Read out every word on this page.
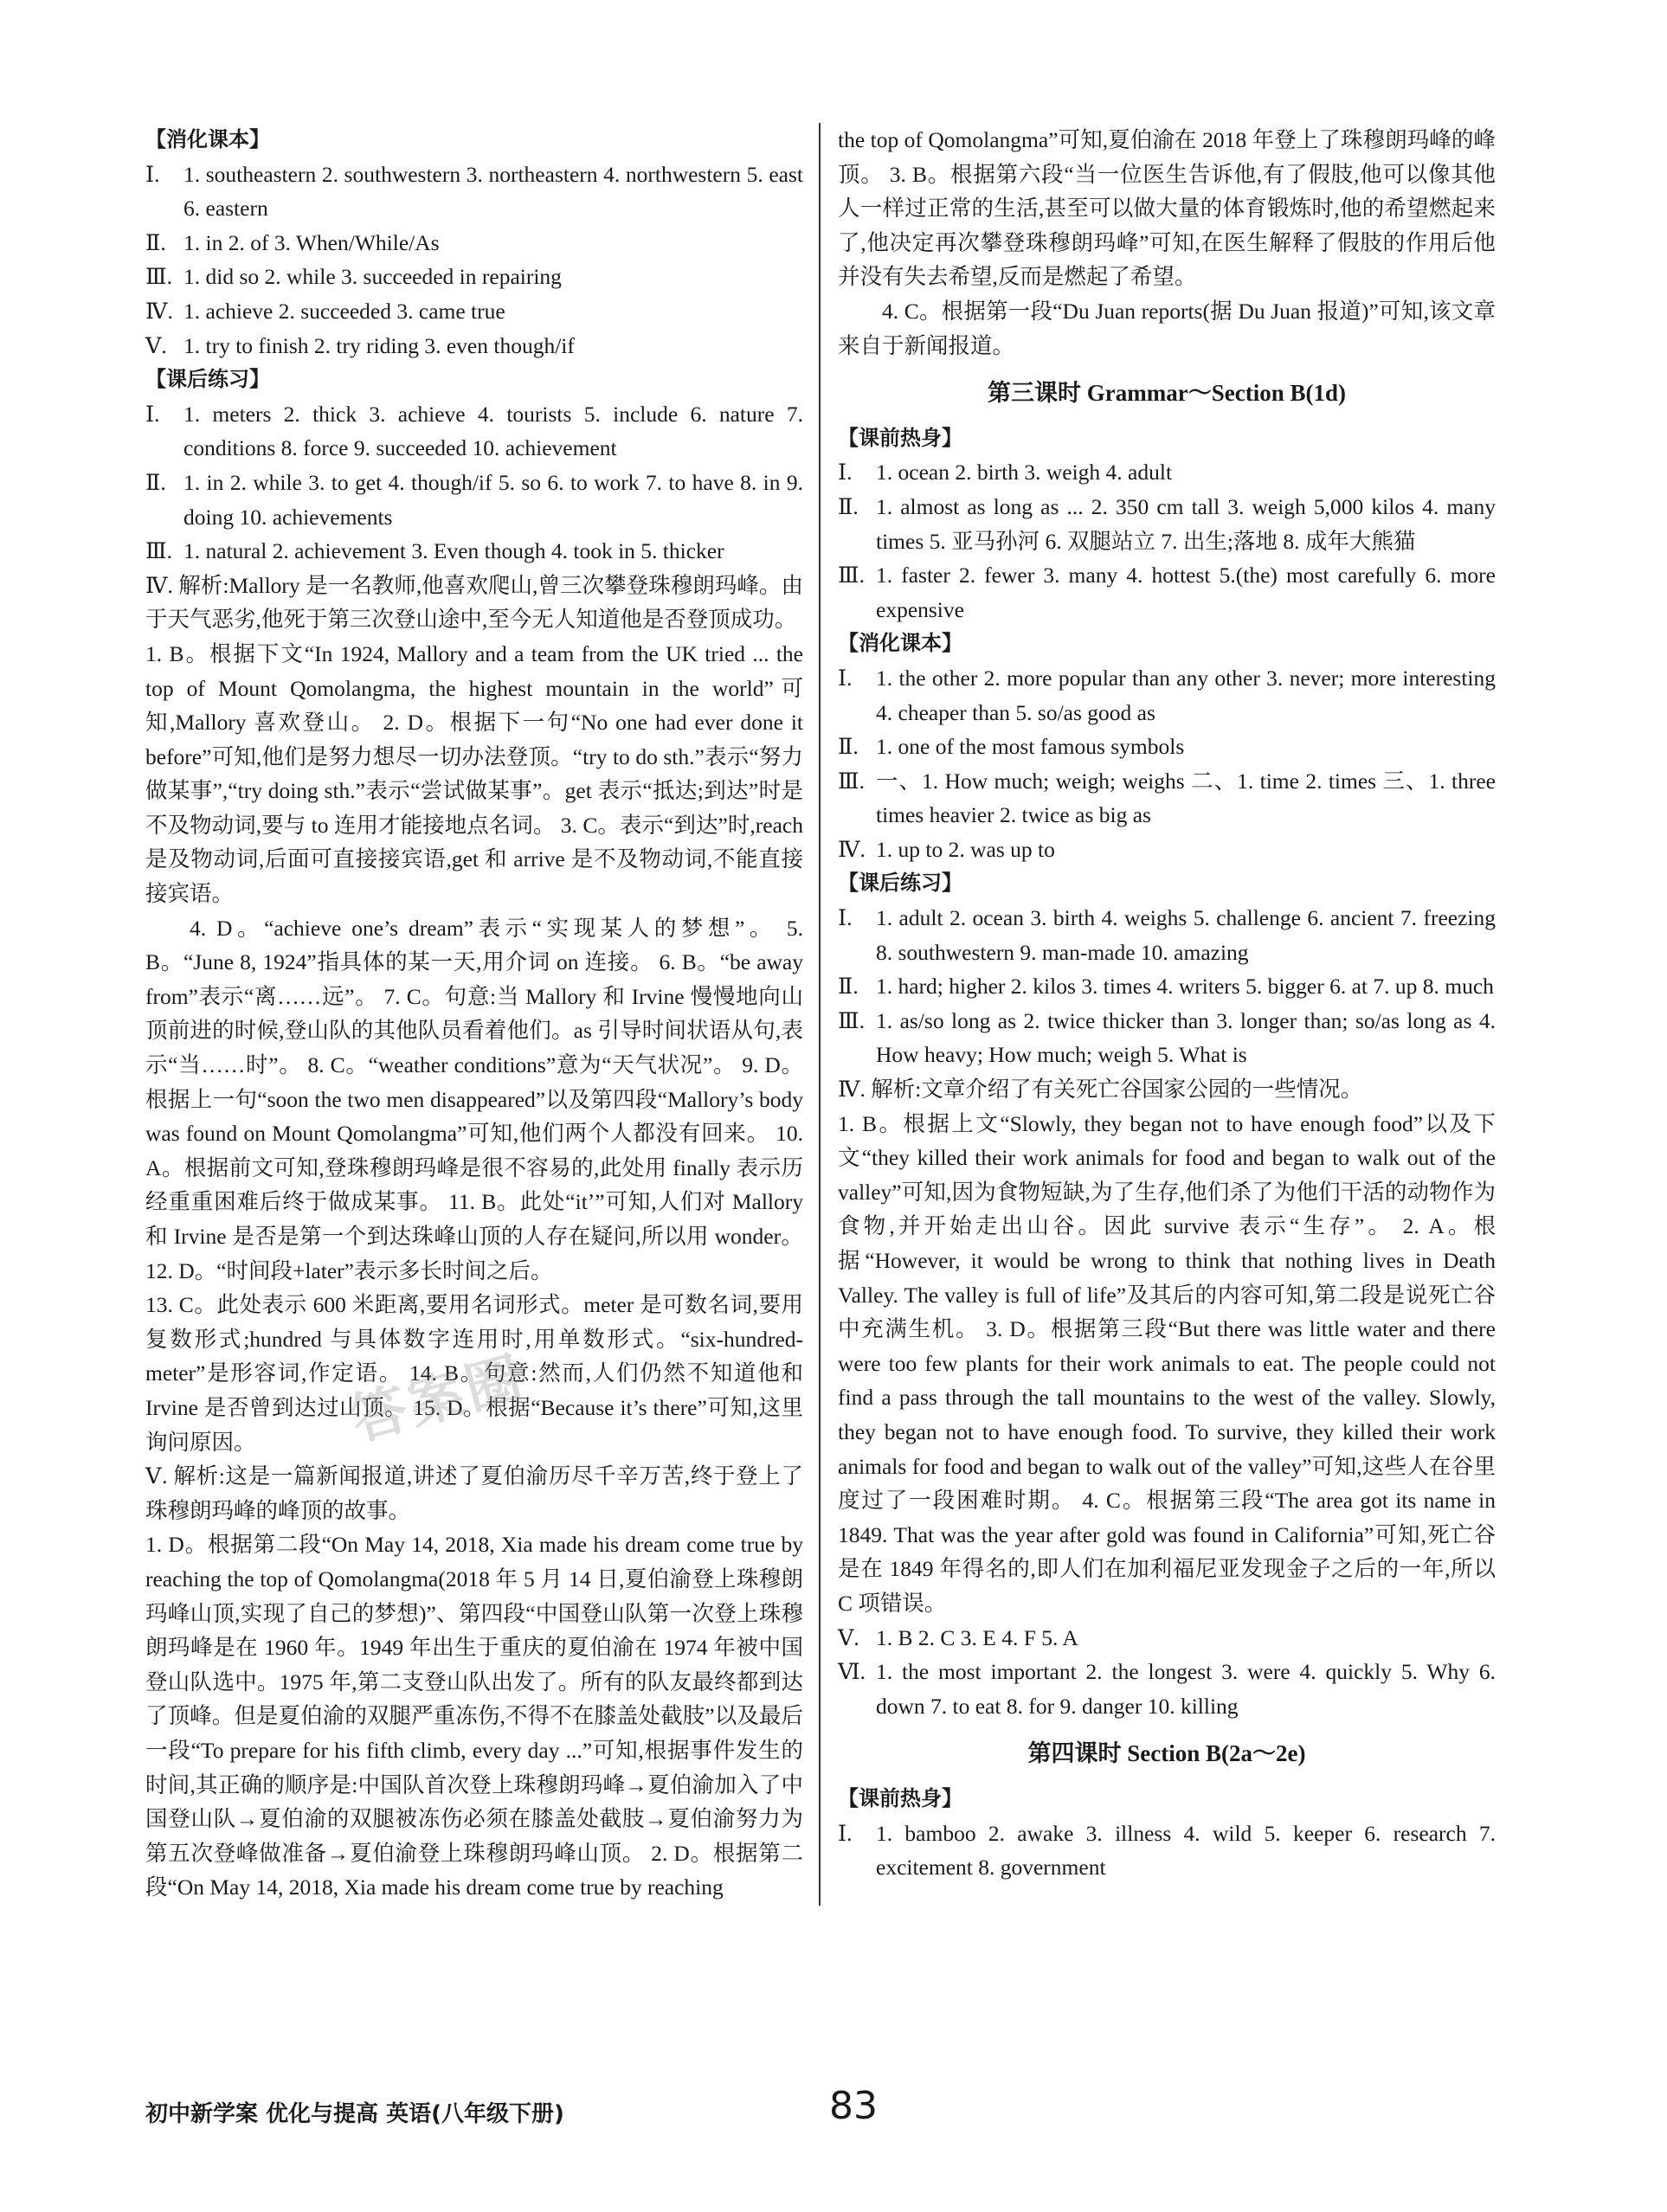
【消化课本】
Ⅰ.	1. southeastern 2. southwestern 3. northeastern 4. northwestern 5. east 6. eastern
Ⅱ. 1. in 2. of 3. When/While/As
Ⅲ. 1. did so 2. while 3. succeeded in repairing
Ⅳ. 1. achieve 2. succeeded 3. came true
Ⅴ. 1. try to finish 2. try riding 3. even though/if
【课后练习】
Ⅰ.	1. meters 2. thick 3. achieve 4. tourists 5. include 6. nature 7. conditions 8. force 9. succeeded 10. achievement
Ⅱ. 1. in 2. while 3. to get 4. though/if 5. so 6. to work 7. to have 8. in 9. doing 10. achievements
Ⅲ. 1. natural 2. achievement 3. Even though 4. took in 5. thicker
Ⅳ. 解析:Mallory 是一名教师,他喜欢爬山,曾三次攀登珠穆朗玛峰。由于天气恶劣,他死于第三次登山途中,至今无人知道他是否登顶成功。
1. B。根据下文“In 1924, Mallory and a team from the UK tried ... the top of Mount Qomolangma, the highest mountain in the world”可知,Mallory 喜欢登山。 2. D。根据下一句“No one had ever done it before”可知,他们是努力想尽一切办法登顶。“try to do sth.”表示“努力做某事”,“try doing sth.”表示“尝试做某事”。get 表示“抵达;到达”时是不及物动词,要与 to 连用才能接地点名词。 3. C。表示“到达”时,reach 是及物动词,后面可直接接宾语,get 和 arrive 是不及物动词,不能直接接宾语。
4. D。“achieve one’s dream”表示“实现某人的梦想”。 5. B。“June 8, 1924”指具体的某一天,用介词 on 连接。 6. B。“be away from”表示“离……远”。 7. C。句意:当 Mallory 和 Irvine 慢慢地向山顶前进的时候,登山队的其他队员看着他们。as 引导时间状语从句,表示“当……时”。 8. C。“weather conditions”意为“天气状况”。 9. D。根据上一句“soon the two men disappeared”以及第四段“Mallory’s body was found on Mount Qomolangma”可知,他们两个人都没有回来。 10. A。根据前文可知,登珠穆朗玛峰是很不容易的,此处用 finally 表示历经重重困难后终于做成某事。 11. B。此处“itʼ”可知,人们对 Mallory 和 Irvine 是否是第一个到达珠峰山顶的人存在疑问,所以用 wonder。 12. D。“时间段+later”表示多长时间之后。
13. C。此处表示 600 米距离,要用名词形式。meter 是可数名词,要用复数形式;hundred 与具体数字连用时,用单数形式。“six-hundred-meter”是形容词,作定语。 14. B。句意:然而,人们仍然不知道他和 Irvine 是否曾到达过山顶。 15. D。根据“Because it’s there”可知,这里询问原因。
Ⅴ. 解析:这是一篇新闻报道,讲述了夏伯渝历尽千辛万苦,终于登上了珠穆朗玛峰的峰顶的故事。
1. D。根据第二段“On May 14, 2018, Xia made his dream come true by reaching the top of Qomolangma(2018 年 5 月 14 日,夏伯渝登上珠穆朗玛峰山顶,实现了自己的梦想)”、第四段“中国登山队第一次登上珠穆朗玛峰是在 1960 年。1949 年出生于重庆的夏伯渝在 1974 年被中国登山队选中。1975 年,第二支登山队出发了。所有的队友最终都到达了顶峰。但是夏伯渝的双腿严重冻伤,不得不在膝盖处截肢”以及最后一段“To prepare for his fifth climb, every day ...”可知,根据事件发生的时间,其正确的顺序是:中国队首次登上珠穆朗玛峰→夏伯渝加入了中国登山队→夏伯渝的双腿被冻伤必须在膝盖处截肢→夏伯渝努力为第五次登峰做准备→夏伯渝登上珠穆朗玛峰山顶。 2. D。根据第二段“On May 14, 2018, Xia made his dream come true by reaching
the top of Qomolangma”可知,夏伯渝在 2018 年登上了珠穆朗玛峰的峰顶。 3. B。根据第六段“当一位医生告诉他,有了假肢,他可以像其他人一样过正常的生活,甚至可以做大量的体育锻炼时,他的希望燃起来了,他决定再次攀登珠穆朗玛峰”可知,在医生解释了假肢的作用后他并没有失去希望,反而是燃起了希望。
4. C。根据第一段“Du Juan reports(据 Du Juan 报道)”可知,该文章来自于新闻报道。
第三课时 Grammar～Section B(1d)
【课前热身】
Ⅰ.	1. ocean 2. birth 3. weigh 4. adult
Ⅱ. 1. almost as long as ... 2. 350 cm tall 3. weigh 5,000 kilos 4. many times 5. 亚马孙河 6. 双腿站立 7. 出生;落地 8. 成年大熊猫
Ⅲ. 1. faster 2. fewer 3. many 4. hottest 5.(the) most carefully 6. more expensive
【消化课本】
Ⅰ.	1. the other 2. more popular than any other 3. never; more interesting 4. cheaper than 5. so/as good as
Ⅱ. 1. one of the most famous symbols
Ⅲ. 一、1. How much; weigh; weighs 二、1. time 2. times 三、1. three times heavier 2. twice as big as
Ⅳ. 1. up to 2. was up to
【课后练习】
Ⅰ.	1. adult 2. ocean 3. birth 4. weighs 5. challenge 6. ancient 7. freezing 8. southwestern 9. man-made 10. amazing
Ⅱ. 1. hard; higher 2. kilos 3. times 4. writers 5. bigger 6. at 7. up 8. much
Ⅲ. 1. as/so long as 2. twice thicker than 3. longer than; so/as long as 4. How heavy; How much; weigh 5. What is
Ⅳ. 解析:文章介绍了有关死亡谷国家公园的一些情况。
1. B。根据上文“Slowly, they began not to have enough food”以及下文“they killed their work animals for food and began to walk out of the valley”可知,因为食物短缺,为了生存,他们杀了为他们干活的动物作为食物,并开始走出山谷。因此 survive 表示“生存”。 2. A。根据“However, it would be wrong to think that nothing lives in Death Valley. The valley is full of life”及其后的内容可知,第二段是说死亡谷中充满生机。 3. D。根据第三段“But there was little water and there were too few plants for their work animals to eat. The people could not find a pass through the tall mountains to the west of the valley. Slowly, they began not to have enough food. To survive, they killed their work animals for food and began to walk out of the valley”可知,这些人在谷里度过了一段困难时期。 4. C。根据第三段“The area got its name in 1849. That was the year after gold was found in California”可知,死亡谷是在 1849 年得名的,即人们在加利福尼亚发现金子之后的一年,所以 C 项错误。
Ⅴ. 1. B 2. C 3. E 4. F 5. A
Ⅵ. 1. the most important 2. the longest 3. were 4. quickly 5. Why 6. down 7. to eat 8. for 9. danger 10. killing
第四课时 Section B(2a～2e)
【课前热身】
Ⅰ.	1. bamboo 2. awake 3. illness 4. wild 5. keeper 6. research 7. excitement 8. government
答案圈
初中新学案 优化与提高 英语(八年级下册)	83
